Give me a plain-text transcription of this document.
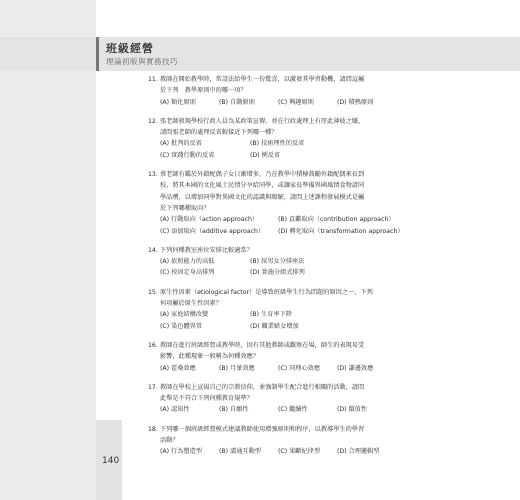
班級經營
理論初版與實務技巧
11. 教師在開始教學時，常設法給學生一份驚喜，以激發其學習動機，請問這屬
於下列　教學原則中的哪一項？
(A) 類化原則	(B) 自動原則	(C) 興趣原則	(D) 積熱原則
12. 張老師發現學校行政人員為某政策宣傳，並在行政處理上有厚此薄彼之嫌，
請問張老師的處理反省較接近下列哪一種？
(A) 批判的反省	(B) 技術理性的反省
(C) 實踐行動的反省	(D) 例反省
13. 蔡老師有鑑於外籍配偶子女日漸增多，乃在教學中積極鼓勵外籍配偶來長到
校，將其本國的文化風土民情分享給同學，或讓家長準備異國風情食物請同
學品嚐，以增加同學對異國文化的認識與瞭解，請問上述課程發展模式是屬
於下列哪種取向？
(A) 行動取向（action approach）	(B) 貢獻取向（contribution approach）
(C) 添加取向（additive approach）	(D) 轉化取向（transformation approach）
14. 下列何種教室座位安排比較適當？
(A) 依照能力的高低	(B) 採男女分排座法
(C) 按固定身高排列	(D) 實施分組式排列
15. 原生性因素（etiological factor）是導致班級學生行為問題的原因之一，下列
何項屬於原生性因素？
(A) 家庭結構改變	(B) 生育率下降
(C) 染色體異常	(D) 職業婦女增加
16. 教師在進行班級經營或教學時，因有其他教師或觀察在場，師生的表現易受
影響，此種現象一般稱為何種效應？
(A) 霍桑效應	(B) 月暈效應	(C) 同理心效應	(D) 謙遜效應
17. 教師在學校上宣揚自己的宗教信仰，並強制學生配合進行相關的活動，請問
此舉是不符合下列何種教育規準？
(A) 認知性	(B) 自願性	(C) 繼續性	(D) 價值性
18. 下列哪一個班級經營模式建議教師使用增強原則和程序，以教導學生的學習
活動？
(A) 行為塑造型	(B) 溝通互動型	(C) 果斷紀律型	(D) 合理邏輯型
140
